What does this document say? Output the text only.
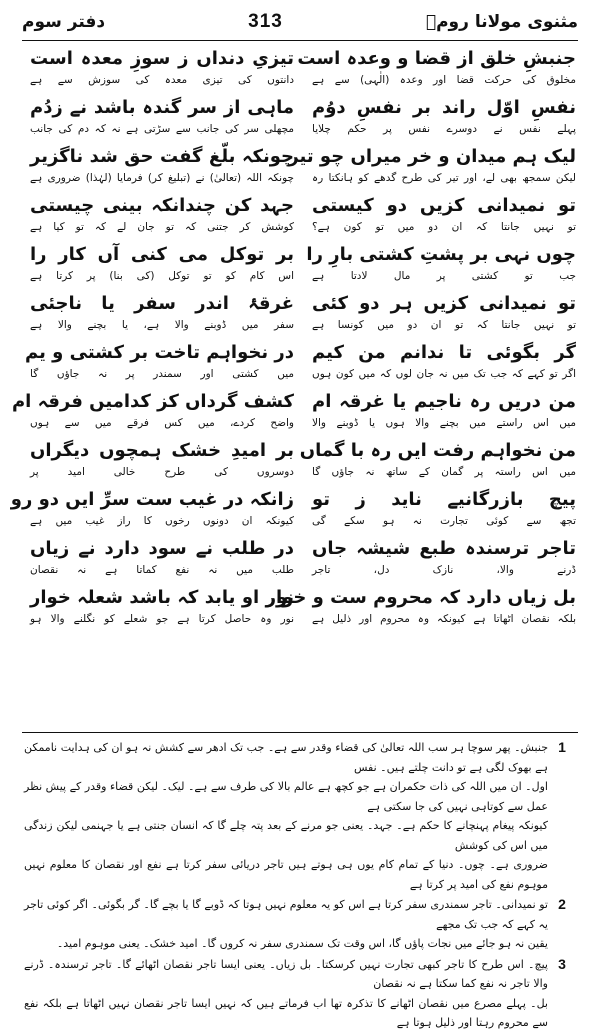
دفتر سوم	313	مثنوی مولانا رومؒ
جنبشِ خلق از قضا و وعدہ است
مخلوق کی حرکت قضا اور وعدہ (الٰہی) سے ہے
نفسِ اوّل راند بر نفسِ دوُم
پہلے نفس نے دوسرے نفس پر حکم چلایا
لیک ہم میدان و خر میراں چو تیر
لیکن سمجھ بھی لے، اور تیر کی طرح گدھے کو ہانکتا رہ
تو نمیدانی کزیں دو کیستی
تو نہیں جانتا کہ ان دو میں تو کون ہے؟
چوں نہی بر پشتِ کشتی بارِ را
جب تو کشتی پر مال لادتا ہے
تو نمیدانی کزیں ہر دو کئی
تو نہیں جانتا کہ تو ان دو میں کونسا ہے
گر بگوئی تا ندانم من کیم
اگر تو کہے کہ جب تک میں نہ جان لوں کہ میں کون ہوں
من دریں رہ ناجیم یا غرقہ ام
میں اس راستے میں بچنے والا ہوں یا ڈوبنے والا
من نخواہم رفت ایں رہ با گماں
میں اس راستہ پر گمان کے ساتھ نہ جاؤں گا
پیچ بازرگانیے ناید ز تو
تجھ سے کوئی تجارت نہ ہو سکے گی
تاجر ترسندہ طبع شیشہ جاں
ڈرنے والا، نازک دل، تاجر
بل زیاں دارد کہ محروم ست و خوار
بلکہ نقصان اٹھاتا ہے کیونکہ وہ محروم اور ذلیل ہے
تیزیِ دنداں ز سوزِ معدہ است
دانتوں کی تیزی معدہ کی سوزش سے ہے
ماہی از سر گندہ باشد نے زدُم
مچھلی سر کی جانب سے سڑتی ہے نہ کہ دم کی جانب
چونکہ بلّغ گفت حق شد ناگزیر
چونکہ اللہ (تعالیٰ) نے (تبلیغ کر) فرمایا (لہٰذا) ضروری ہے
جہد کن چندانکہ بینی چیستی
کوشش کر جتنی کہ تو جان لے کہ تو کیا ہے
بر توکل می کنی آں کار را
اس کام کو تو توکل (کی بنا) پر کرتا ہے
غرقۂ اندر سفر یا ناجئی
سفر میں ڈوبنے والا ہے، یا بچنے والا ہے
در نخواہم تاخت بر کشتی و یم
میں کشتی اور سمندر پر نہ جاؤں گا
کشف گرداں کز کدامیں فرقہ ام
واضح کردے، میں کس فرقے میں سے ہوں
بر امیدِ خشک ہمچوں دیگراں
دوسروں کی طرح خالی امید پر
زانکہ در غیب ست سرِّ ایں دو رو
کیونکہ ان دونوں رخوں کا راز غیب میں ہے
در طلب نے سود دارد نے زیاں
طلب میں نہ نفع کماتا ہے نہ نقصان
نور او یابد کہ باشد شعلہ خوار
نور وہ حاصل کرتا ہے جو شعلے کو نگلنے والا ہو
1
جنبش۔ پھر سوچا ہر سب اللہ تعالیٰ کی قضاء وقدر سے ہے۔ جب تک ادھر سے کشش نہ ہو ان کی ہدایت ناممکن ہے بھوک لگی ہے تو دانت چلتے ہیں۔ نفس
اول۔ ان میں اللہ کی ذات حکمران ہے جو کچھ ہے عالم بالا کی طرف سے ہے۔ لیک۔ لیکن قضاء وقدر کے پیش نظر عمل سے کوتاہی نہیں کی جا سکتی ہے
کیونکہ پیغام پہنچانے کا حکم ہے۔ جہد۔ یعنی جو مرنے کے بعد پتہ چلے گا کہ انسان جنتی ہے یا جہنمی لیکن زندگی میں اس کی کوشش
ضروری ہے۔ چوں۔ دنیا کے تمام کام یوں ہی ہوتے ہیں تاجر دریائی سفر کرتا ہے نفع اور نقصان کا معلوم نہیں موہوم نفع کی امید پر کرتا ہے
2
تو نمیدانی۔ تاجر سمندری سفر کرتا ہے اس کو یہ معلوم نہیں ہوتا کہ ڈوبے گا یا بچے گا۔ گر بگوئی۔ اگر کوئی تاجر یہ کہے کہ جب تک مجھے
یقین نہ ہو جائے میں نجات پاؤں گا، اس وقت تک سمندری سفر نہ کروں گا۔ امید خشک۔ یعنی موہوم امید۔
3
پیچ۔ اس طرح کا تاجر کبھی تجارت نہیں کرسکتا۔ بل زیاں۔ یعنی ایسا تاجر نقصان اٹھائے گا۔ تاجر ترسندہ۔ ڈرنے والا تاجر نہ نفع کما سکتا ہے نہ نقصان
بل۔ پہلے مصرع میں نقصان اٹھانے کا تذکرہ تھا اب فرماتے ہیں کہ نہیں ایسا تاجر نقصان نہیں اٹھاتا ہے بلکہ نفع سے محروم رہتا اور ذلیل ہوتا ہے
